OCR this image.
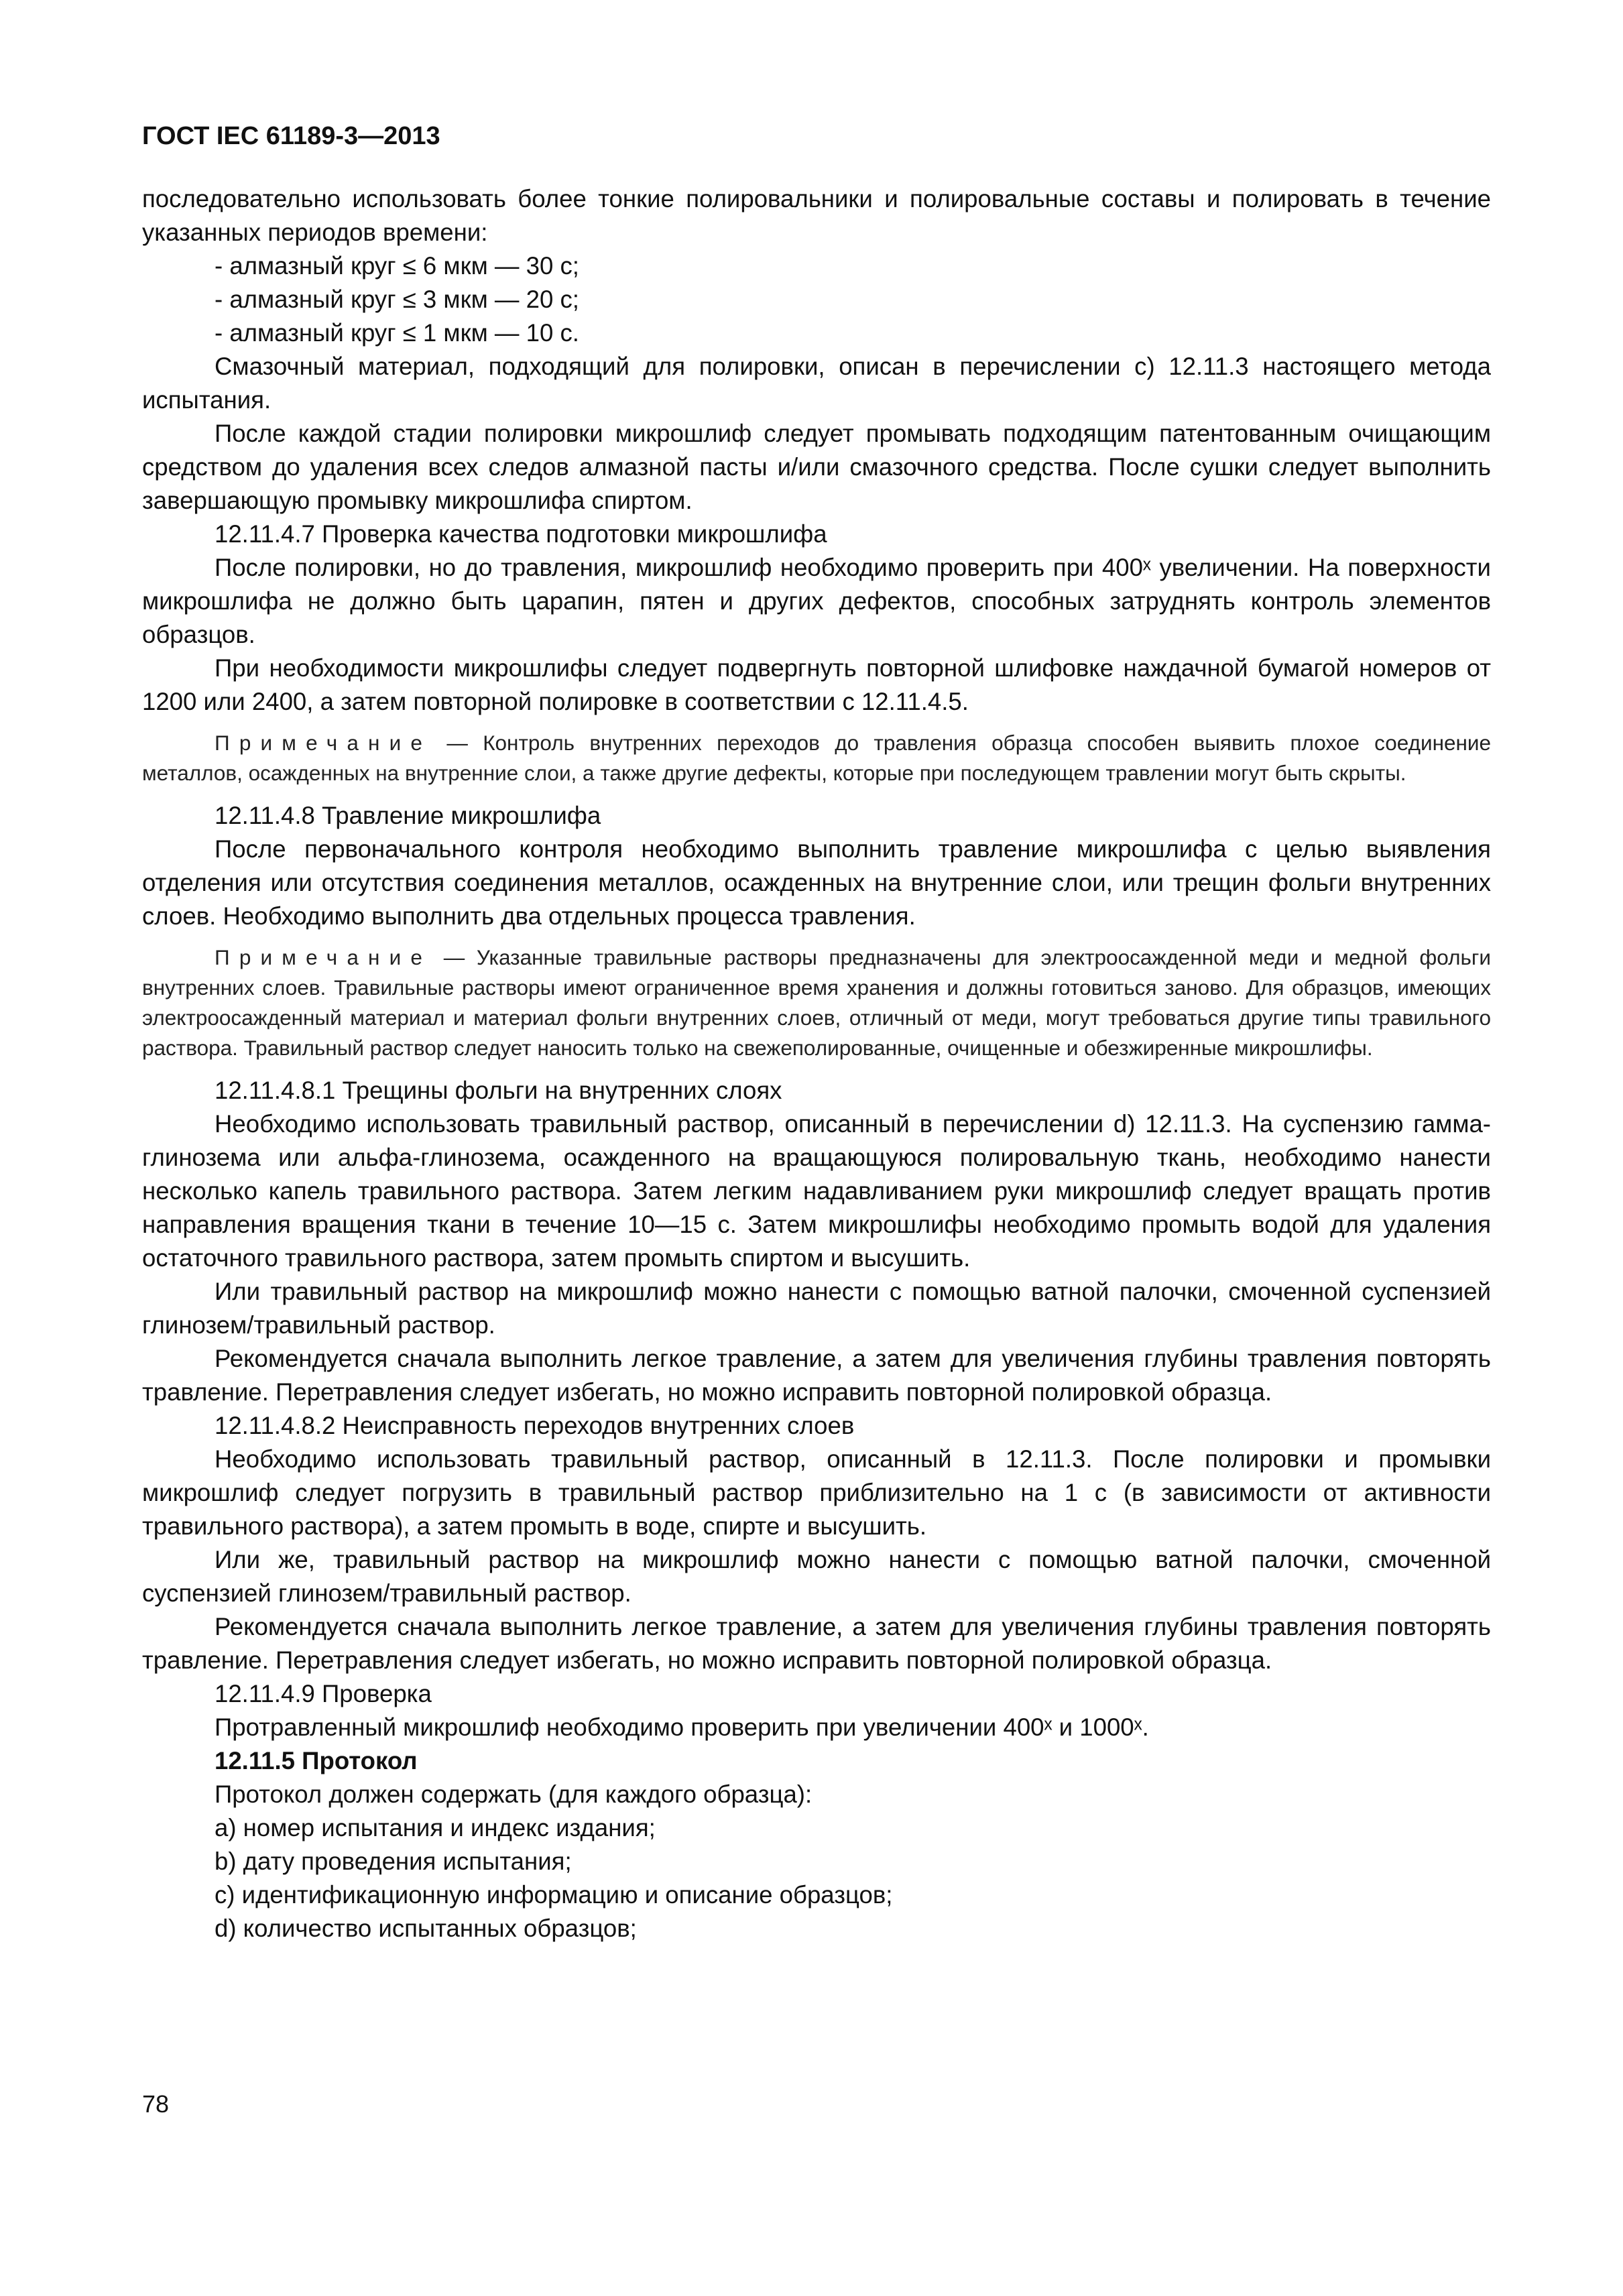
ГОСТ IEC 61189-3—2013

последовательно использовать более тонкие полировальники и полировальные составы и полировать в течение указанных периодов времени:

- алмазный круг ≤ 6 мкм — 30 с;

- алмазный круг ≤ 3 мкм — 20 с;

- алмазный круг ≤ 1 мкм — 10 с.

Смазочный материал, подходящий для полировки, описан в перечислении с) 12.11.3 настоящего метода испытания.

После каждой стадии полировки микрошлиф следует промывать подходящим патентованным очищающим средством до удаления всех следов алмазной пасты и/или смазочного средства. После сушки следует выполнить завершающую промывку микрошлифа спиртом.

12.11.4.7 Проверка качества подготовки микрошлифа

После полировки, но до травления, микрошлиф необходимо проверить при 400ˣ увеличении. На поверхности микрошлифа не должно быть царапин, пятен и других дефектов, способных затруднять контроль элементов образцов.

При необходимости микрошлифы следует подвергнуть повторной шлифовке наждачной бумагой номеров от 1200 или 2400, а затем повторной полировке в соответствии с 12.11.4.5.

Примечание — Контроль внутренних переходов до травления образца способен выявить плохое соединение металлов, осажденных на внутренние слои, а также другие дефекты, которые при последующем травлении могут быть скрыты.

12.11.4.8 Травление микрошлифа

После первоначального контроля необходимо выполнить травление микрошлифа с целью выявления отделения или отсутствия соединения металлов, осажденных на внутренние слои, или трещин фольги внутренних слоев. Необходимо выполнить два отдельных процесса травления.

Примечание — Указанные травильные растворы предназначены для электроосажденной меди и медной фольги внутренних слоев. Травильные растворы имеют ограниченное время хранения и должны готовиться заново. Для образцов, имеющих электроосажденный материал и материал фольги внутренних слоев, отличный от меди, могут требоваться другие типы травильного раствора. Травильный раствор следует наносить только на свежеполированные, очищенные и обезжиренные микрошлифы.

12.11.4.8.1 Трещины фольги на внутренних слоях

Необходимо использовать травильный раствор, описанный в перечислении d) 12.11.3. На суспензию гамма-глинозема или альфа-глинозема, осажденного на вращающуюся полировальную ткань, необходимо нанести несколько капель травильного раствора. Затем легким надавливанием руки микрошлиф следует вращать против направления вращения ткани в течение 10—15 с. Затем микрошлифы необходимо промыть водой для удаления остаточного травильного раствора, затем промыть спиртом и высушить.

Или травильный раствор на микрошлиф можно нанести с помощью ватной палочки, смоченной суспензией глинозем/травильный раствор.

Рекомендуется сначала выполнить легкое травление, а затем для увеличения глубины травления повторять травление. Перетравления следует избегать, но можно исправить повторной полировкой образца.

12.11.4.8.2 Неисправность переходов внутренних слоев

Необходимо использовать травильный раствор, описанный в 12.11.3. После полировки и промывки микрошлиф следует погрузить в травильный раствор приблизительно на 1 с (в зависимости от активности травильного раствора), а затем промыть в воде, спирте и высушить.

Или же, травильный раствор на микрошлиф можно нанести с помощью ватной палочки, смоченной суспензией глинозем/травильный раствор.

Рекомендуется сначала выполнить легкое травление, а затем для увеличения глубины травления повторять травление. Перетравления следует избегать, но можно исправить повторной полировкой образца.

12.11.4.9 Проверка

Протравленный микрошлиф необходимо проверить при увеличении 400ˣ и 1000ˣ.

12.11.5 Протокол

Протокол должен содержать (для каждого образца):

a) номер испытания и индекс издания;

b) дату проведения испытания;

c) идентификационную информацию и описание образцов;

d) количество испытанных образцов;

78
